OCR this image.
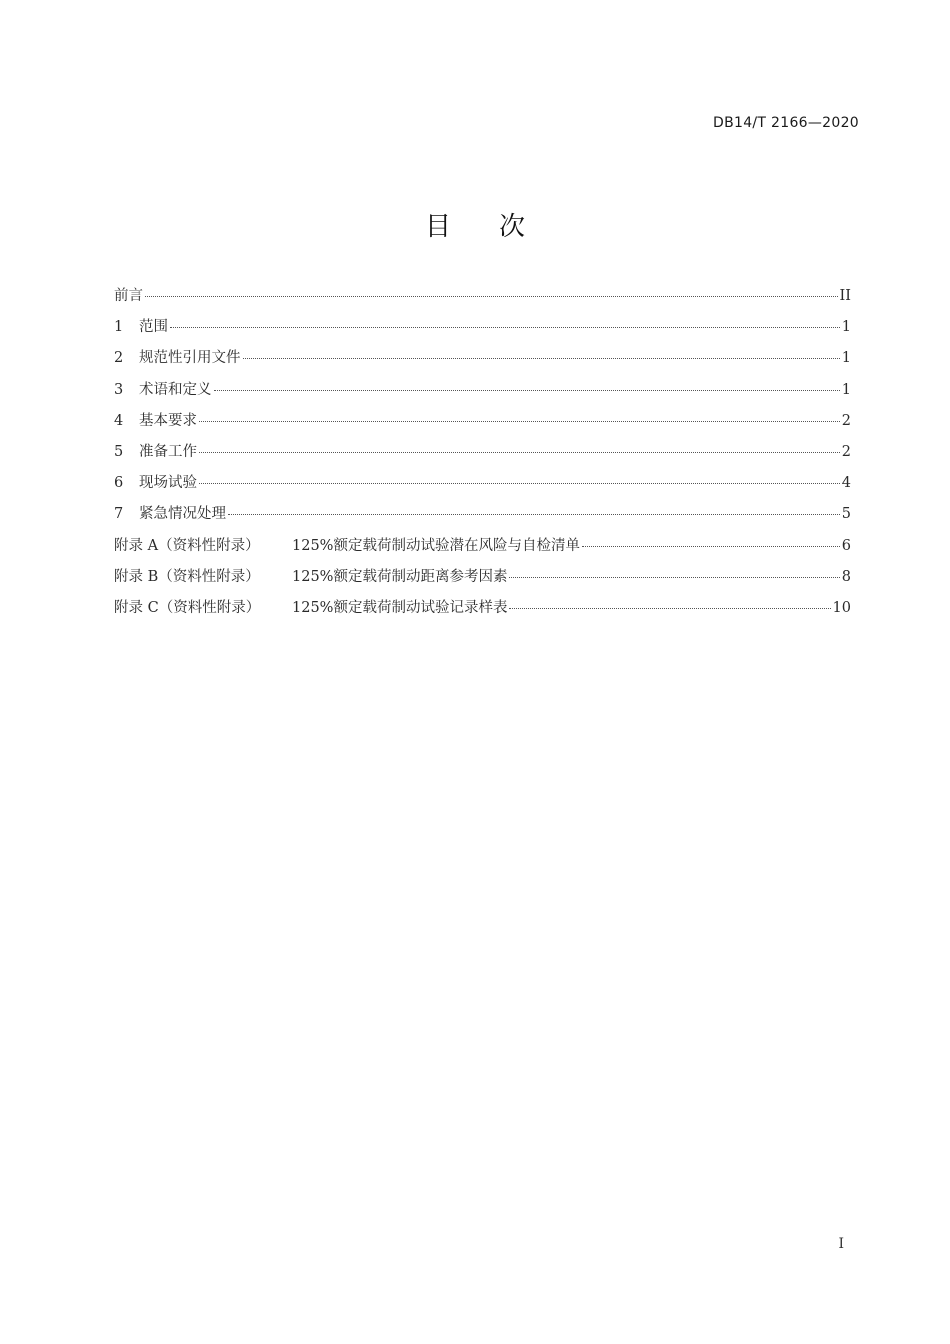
DB14/T 2166—2020
目次
前言	II
1	范围	1
2	规范性引用文件	1
3	术语和定义	1
4	基本要求	2
5	准备工作	2
6	现场试验	4
7	紧急情况处理	5
附录 A（资料性附录）	125%额定载荷制动试验潜在风险与自检清单	6
附录 B（资料性附录）	125%额定载荷制动距离参考因素	8
附录 C（资料性附录）	125%额定载荷制动试验记录样表	10
I
